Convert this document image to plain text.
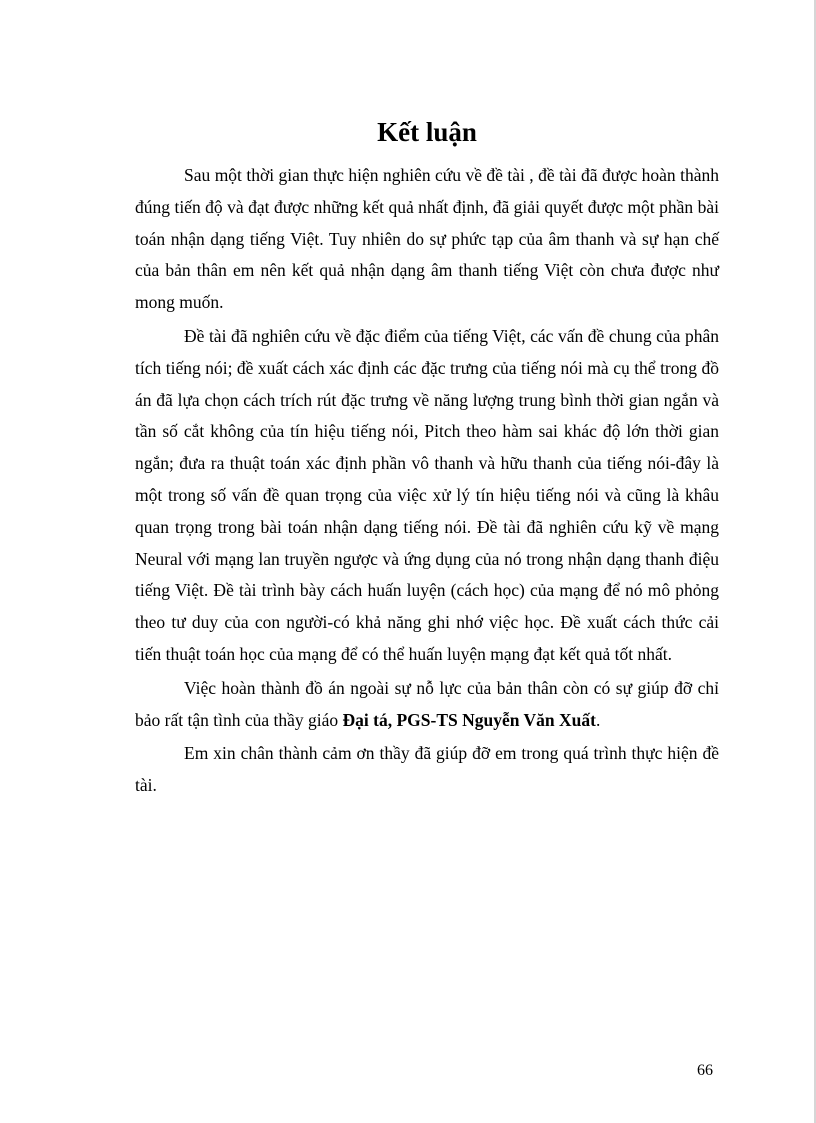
Kết luận

Sau một thời gian thực hiện nghiên cứu về đề tài , đề tài đã được hoàn thành đúng tiến độ và đạt được những kết quả nhất định, đã giải quyết được một phần bài toán nhận dạng tiếng Việt. Tuy nhiên do sự phức tạp của âm thanh và sự hạn chế của bản thân em nên kết quả nhận dạng âm thanh tiếng Việt còn chưa được như mong muốn.

Đề tài đã nghiên cứu về đặc điểm của tiếng Việt, các vấn đề chung của phân tích tiếng nói; đề xuất cách xác định các đặc trưng của tiếng nói mà cụ thể trong đồ án đã lựa chọn cách trích rút đặc trưng về năng lượng trung bình thời gian ngắn và tần số cắt không của tín hiệu tiếng nói, Pitch theo hàm sai khác độ lớn thời gian ngắn; đưa ra thuật toán xác định phần vô thanh và hữu thanh của tiếng nói-đây là một trong số vấn đề quan trọng của việc xử lý tín hiệu tiếng nói và cũng là khâu quan trọng trong bài toán nhận dạng tiếng nói. Đề tài đã nghiên cứu kỹ về mạng Neural với mạng lan truyền ngược và ứng dụng của nó trong nhận dạng thanh điệu tiếng Việt. Đề tài trình bày cách huấn luyện (cách học) của mạng để nó mô phỏng theo tư duy của con người-có khả năng ghi nhớ việc học. Đề xuất cách thức cải tiến thuật toán học của mạng để có thể huấn luyện mạng đạt kết quả tốt nhất.

Việc hoàn thành đồ án ngoài sự nỗ lực của bản thân còn có sự giúp đỡ chỉ bảo rất tận tình của thầy giáo Đại tá, PGS-TS Nguyễn Văn Xuất.

Em xin chân thành cảm ơn thầy đã giúp đỡ em trong quá trình thực hiện đề tài.

66
